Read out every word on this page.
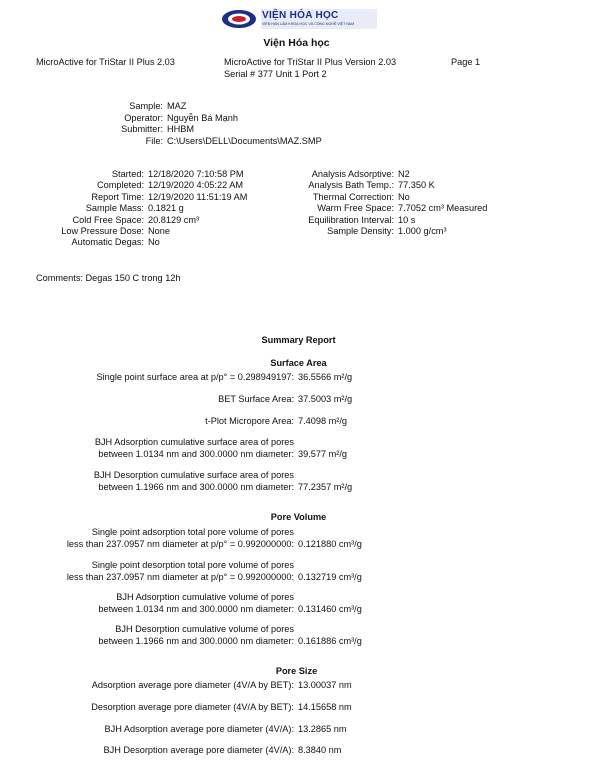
VIỆN HÓA HỌC
VIỆN HÀN LÂM KHOA HỌC VÀ CÔNG NGHỆ VIỆT NAM
Viện Hóa học
MicroActive for TriStar II Plus 2.03	MicroActive for TriStar II Plus Version 2.03	Page 1
Serial # 377 Unit 1 Port 2
Sample: MAZ
Operator: Nguyễn Bá Mạnh
Submitter: HHBM
File: C:\Users\DELL\Documents\MAZ.SMP
Started: 12/18/2020 7:10:58 PM
Completed: 12/19/2020 4:05:22 AM
Report Time: 12/19/2020 11:51:19 AM
Sample Mass: 0.1821 g
Cold Free Space: 20.8129 cm³
Low Pressure Dose: None
Automatic Degas: No
Analysis Adsorptive: N2
Analysis Bath Temp.: 77.350 K
Thermal Correction: No
Warm Free Space: 7.7052 cm³ Measured
Equilibration Interval: 10 s
Sample Density: 1.000 g/cm³
Comments: Degas 150 C trong 12h
Summary Report
Surface Area
Single point surface area at p/p° = 0.298949197: 36.5566 m²/g
BET Surface Area: 37.5003 m²/g
t-Plot Micropore Area: 7.4098 m²/g
BJH Adsorption cumulative surface area of pores
between 1.0134 nm and 300.0000 nm diameter: 39.577 m²/g
BJH Desorption cumulative surface area of pores
between 1.1966 nm and 300.0000 nm diameter: 77.2357 m²/g
Pore Volume
Single point adsorption total pore volume of pores
less than 237.0957 nm diameter at p/p° = 0.992000000: 0.121880 cm³/g
Single point desorption total pore volume of pores
less than 237.0957 nm diameter at p/p° = 0.992000000: 0.132719 cm³/g
BJH Adsorption cumulative volume of pores
between 1.0134 nm and 300.0000 nm diameter: 0.131460 cm³/g
BJH Desorption cumulative volume of pores
between 1.1966 nm and 300.0000 nm diameter: 0.161886 cm³/g
Pore Size
Adsorption average pore diameter (4V/A by BET): 13.00037 nm
Desorption average pore diameter (4V/A by BET): 14.15658 nm
BJH Adsorption average pore diameter (4V/A): 13.2865 nm
BJH Desorption average pore diameter (4V/A): 8.3840 nm
